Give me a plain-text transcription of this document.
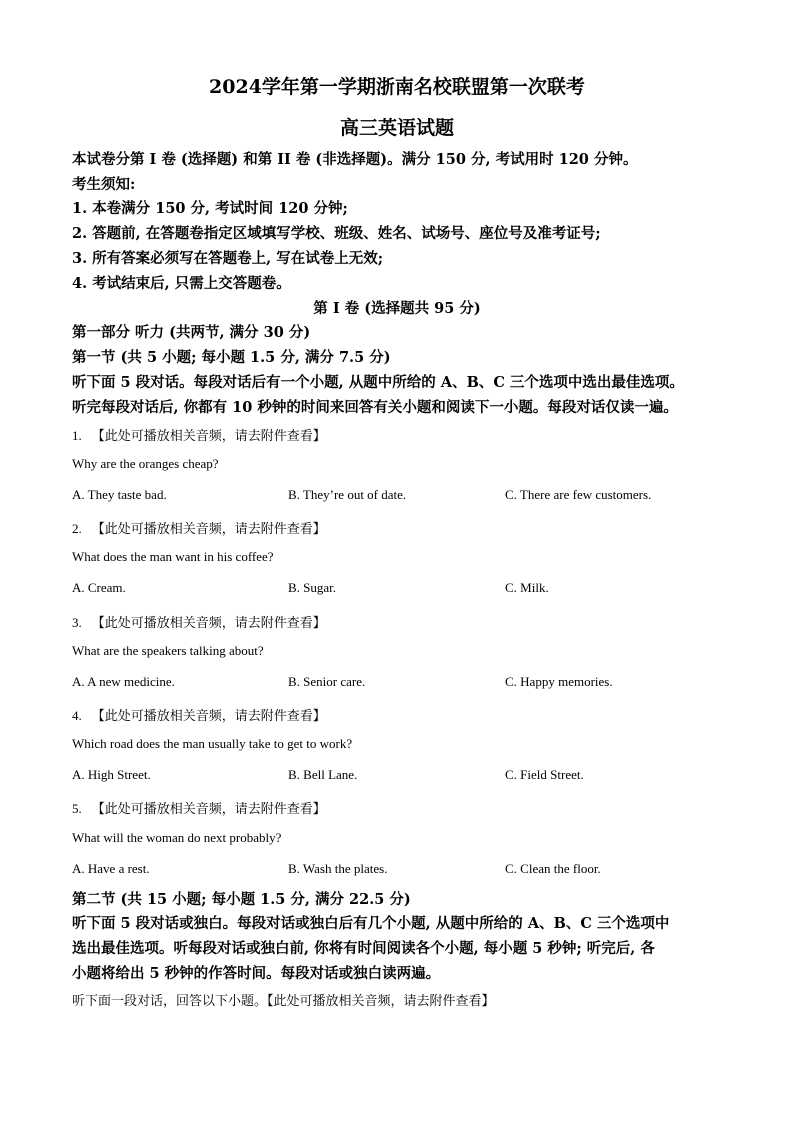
2024学年第一学期浙南名校联盟第一次联考
高三英语试题
本试卷分第 I 卷 (选择题) 和第 II 卷 (非选择题)。满分 150 分, 考试用时 120 分钟。
考生须知:
1. 本卷满分 150 分, 考试时间 120 分钟;
2. 答题前, 在答题卷指定区域填写学校、班级、姓名、试场号、座位号及准考证号;
3. 所有答案必须写在答题卷上, 写在试卷上无效;
4. 考试结束后, 只需上交答题卷。
第 I 卷 (选择题共 95 分)
第一部分 听力 (共两节, 满分 30 分)
第一节 (共 5 小题; 每小题 1.5 分, 满分 7.5 分)
听下面 5 段对话。每段对话后有一个小题, 从题中所给的 A、B、C 三个选项中选出最佳选项。
听完每段对话后, 你都有 10 秒钟的时间来回答有关小题和阅读下一小题。每段对话仅读一遍。
1. 【此处可播放相关音频，请去附件查看】
Why are the oranges cheap?
A. They taste bad.	B. They’re out of date.	C. There are few customers.
2. 【此处可播放相关音频，请去附件查看】
What does the man want in his coffee?
A. Cream.	B. Sugar.	C. Milk.
3. 【此处可播放相关音频，请去附件查看】
What are the speakers talking about?
A. A new medicine.	B. Senior care.	C. Happy memories.
4. 【此处可播放相关音频，请去附件查看】
Which road does the man usually take to get to work?
A. High Street.	B. Bell Lane.	C. Field Street.
5. 【此处可播放相关音频，请去附件查看】
What will the woman do next probably?
A. Have a rest.	B. Wash the plates.	C. Clean the floor.
第二节 (共 15 小题; 每小题 1.5 分, 满分 22.5 分)
听下面 5 段对话或独白。每段对话或独白后有几个小题, 从题中所给的 A、B、C 三个选项中
选出最佳选项。听每段对话或独白前, 你将有时间阅读各个小题, 每小题 5 秒钟; 听完后, 各
小题将给出 5 秒钟的作答时间。每段对话或独白读两遍。
听下面一段对话，回答以下小题。【此处可播放相关音频，请去附件查看】
